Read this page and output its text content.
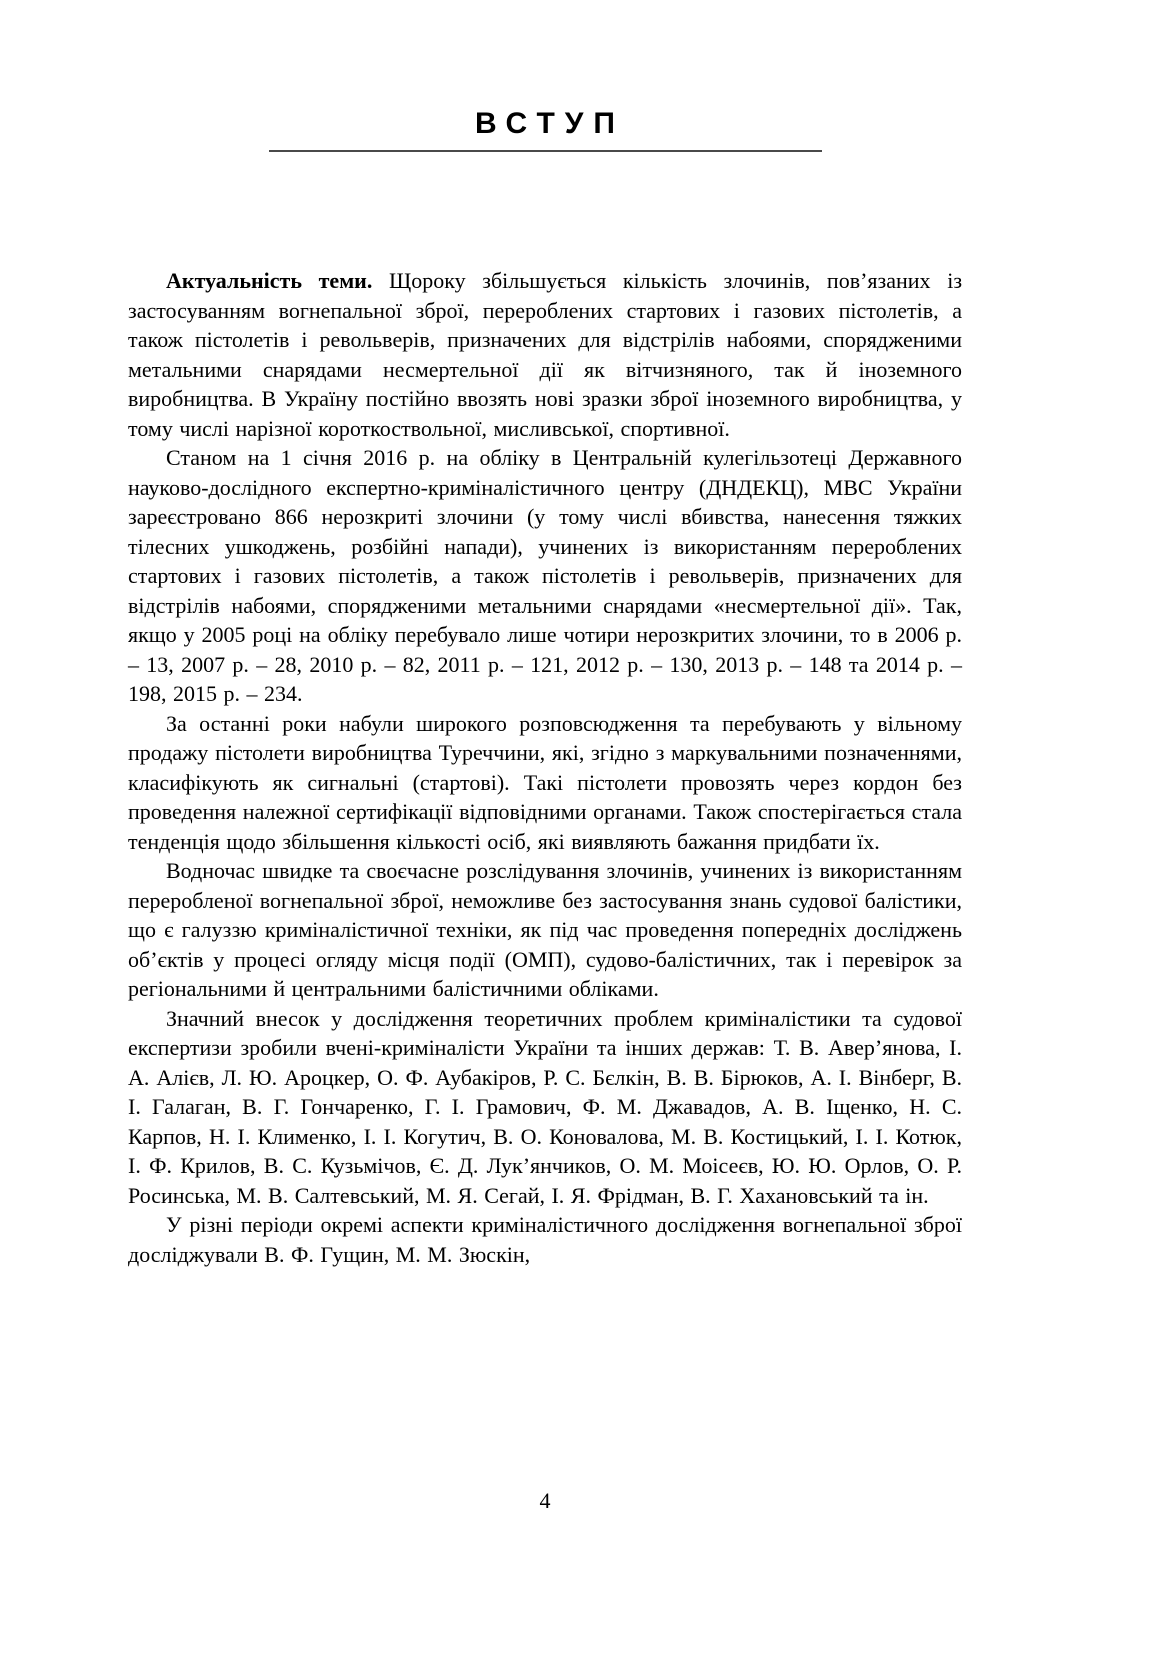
ВСТУП

Актуальність теми. Щороку збільшується кількість злочинів, пов’язаних із застосуванням вогнепальної зброї, перероблених стартових і газових пістолетів, а також пістолетів і револьверів, призначених для відстрілів набоями, спорядженими метальними снарядами несмертельної дії як вітчизняного, так й іноземного виробництва. В Україну постійно ввозять нові зразки зброї іноземного виробництва, у тому числі нарізної короткоствольної, мисливської, спортивної.

Станом на 1 січня 2016 р. на обліку в Центральній кулегільзотеці Державного науково-дослідного експертно-криміналістичного центру (ДНДЕКЦ), МВС України зареєстровано 866 нерозкриті злочини (у тому числі вбивства, нанесення тяжких тілесних ушкоджень, розбійні напади), учинених із використанням перероблених стартових і газових пістолетів, а також пістолетів і револьверів, призначених для відстрілів набоями, спорядженими метальними снарядами «несмертельної дії». Так, якщо у 2005 році на обліку перебувало лише чотири нерозкритих злочини, то в 2006 р. – 13, 2007 р. – 28, 2010 р. – 82, 2011 р. – 121, 2012 р. – 130, 2013 р. – 148 та 2014 р. – 198, 2015 р. – 234.

За останні роки набули широкого розповсюдження та перебувають у вільному продажу пістолети виробництва Туреччини, які, згідно з маркувальними позначеннями, класифікують як сигнальні (стартові). Такі пістолети провозять через кордон без проведення належної сертифікації відповідними органами. Також спостерігається стала тенденція щодо збільшення кількості осіб, які виявляють бажання придбати їх.

Водночас швидке та своєчасне розслідування злочинів, учинених із використанням переробленої вогнепальної зброї, неможливе без застосування знань судової балістики, що є галуззю криміналістичної техніки, як під час проведення попередніх досліджень об’єктів у процесі огляду місця події (ОМП), судово-балістичних, так і перевірок за регіональними й центральними балістичними обліками.

Значний внесок у дослідження теоретичних проблем криміналістики та судової експертизи зробили вчені-криміналісти України та інших держав: Т. В. Авер’янова, І. А. Алієв, Л. Ю. Ароцкер, О. Ф. Аубакіров, Р. С. Бєлкін, В. В. Бірюков, А. І. Вінберг, В. І. Галаган, В. Г. Гончаренко, Г. І. Грамович, Ф. М. Джавадов, А. В. Іщенко, Н. С. Карпов, Н. І. Клименко, І. І. Когутич, В. О. Коновалова, М. В. Костицький, І. І. Котюк, І. Ф. Крилов, В. С. Кузьмічов, Є. Д. Лук’янчиков, О. М. Моісеєв, Ю. Ю. Орлов, О. Р. Росинська, М. В. Салтевський, М. Я. Сегай, І. Я. Фрідман, В. Г. Хахановський та ін.

У різні періоди окремі аспекти криміналістичного дослідження вогнепальної зброї досліджували В. Ф. Гущин, М. М. Зюскін,

4
